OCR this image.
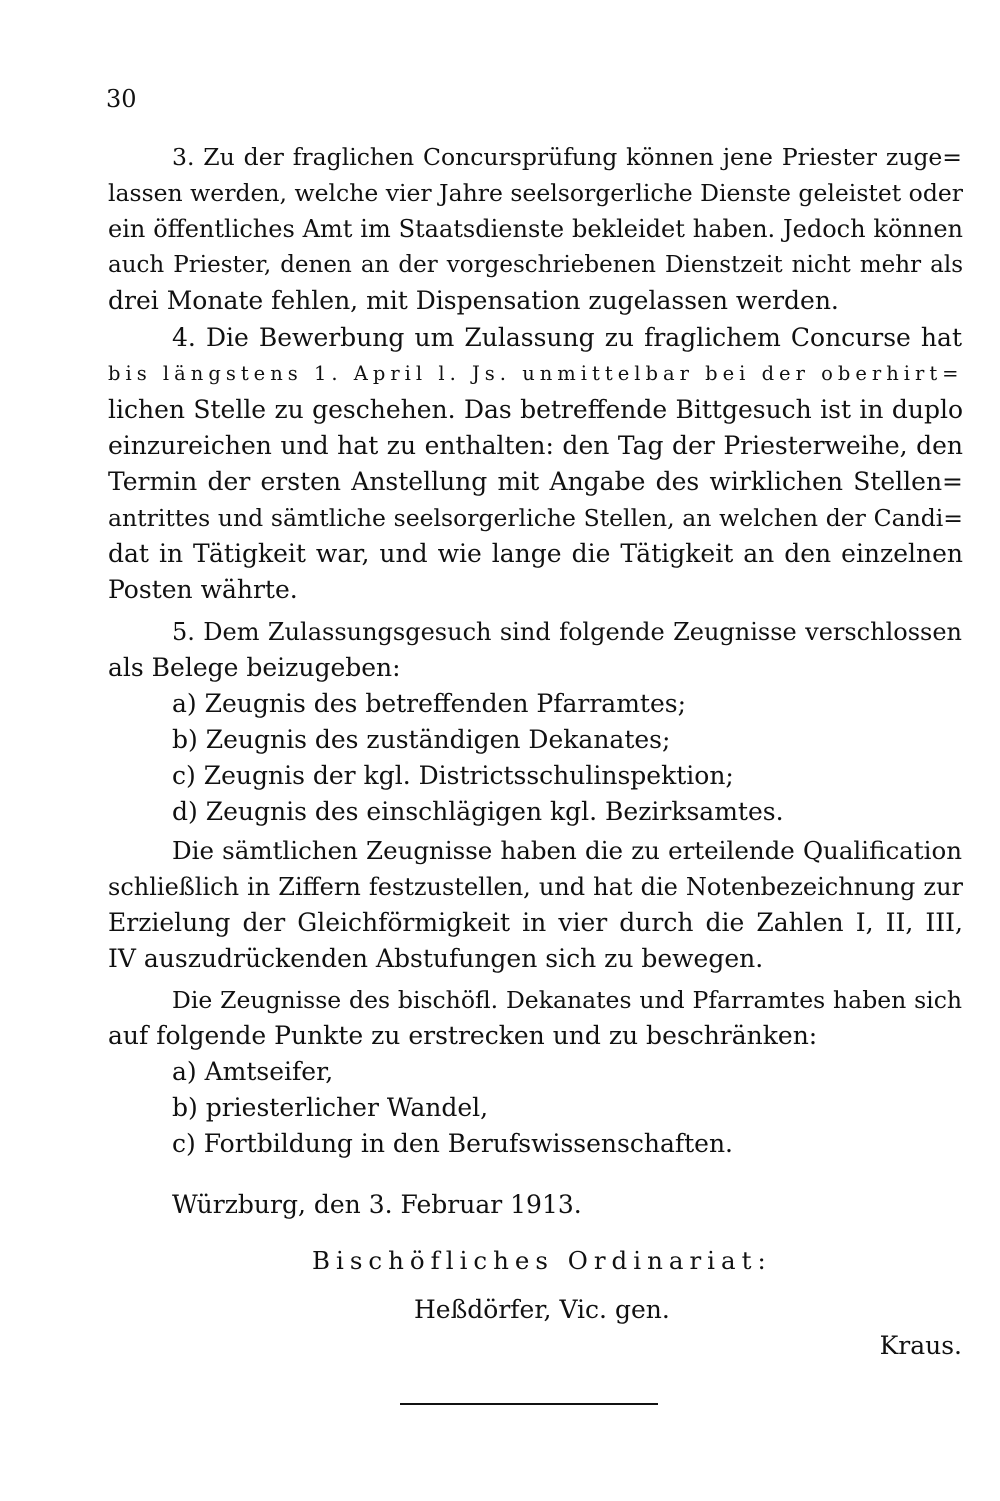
30
3. Zu der fraglichen Concursprüfung können jene Priester zuge=
lassen werden, welche vier Jahre seelsorgerliche Dienste geleistet oder
ein öffentliches Amt im Staatsdienste bekleidet haben. Jedoch können
auch Priester, denen an der vorgeschriebenen Dienstzeit nicht mehr als
drei Monate fehlen, mit Dispensation zugelassen werden.
4. Die Bewerbung um Zulassung zu fraglichem Concurse hat
bis längstens 1. April l. Js. unmittelbar bei der oberhirt=
lichen Stelle zu geschehen. Das betreffende Bittgesuch ist in duplo
einzureichen und hat zu enthalten: den Tag der Priesterweihe, den
Termin der ersten Anstellung mit Angabe des wirklichen Stellen=
antrittes und sämtliche seelsorgerliche Stellen, an welchen der Candi=
dat in Tätigkeit war, und wie lange die Tätigkeit an den einzelnen
Posten währte.
5. Dem Zulassungsgesuch sind folgende Zeugnisse verschlossen
als Belege beizugeben:
a) Zeugnis des betreffenden Pfarramtes;
b) Zeugnis des zuständigen Dekanates;
c) Zeugnis der kgl. Districtsschulinspektion;
d) Zeugnis des einschlägigen kgl. Bezirksamtes.
Die sämtlichen Zeugnisse haben die zu erteilende Qualification
schließlich in Ziffern festzustellen, und hat die Notenbezeichnung zur
Erzielung der Gleichförmigkeit in vier durch die Zahlen I, II, III,
IV auszudrückenden Abstufungen sich zu bewegen.
Die Zeugnisse des bischöfl. Dekanates und Pfarramtes haben sich
auf folgende Punkte zu erstrecken und zu beschränken:
a) Amtseifer,
b) priesterlicher Wandel,
c) Fortbildung in den Berufswissenschaften.
Würzburg, den 3. Februar 1913.
Bischöfliches Ordinariat:
Heßdörfer, Vic. gen.
Kraus.
